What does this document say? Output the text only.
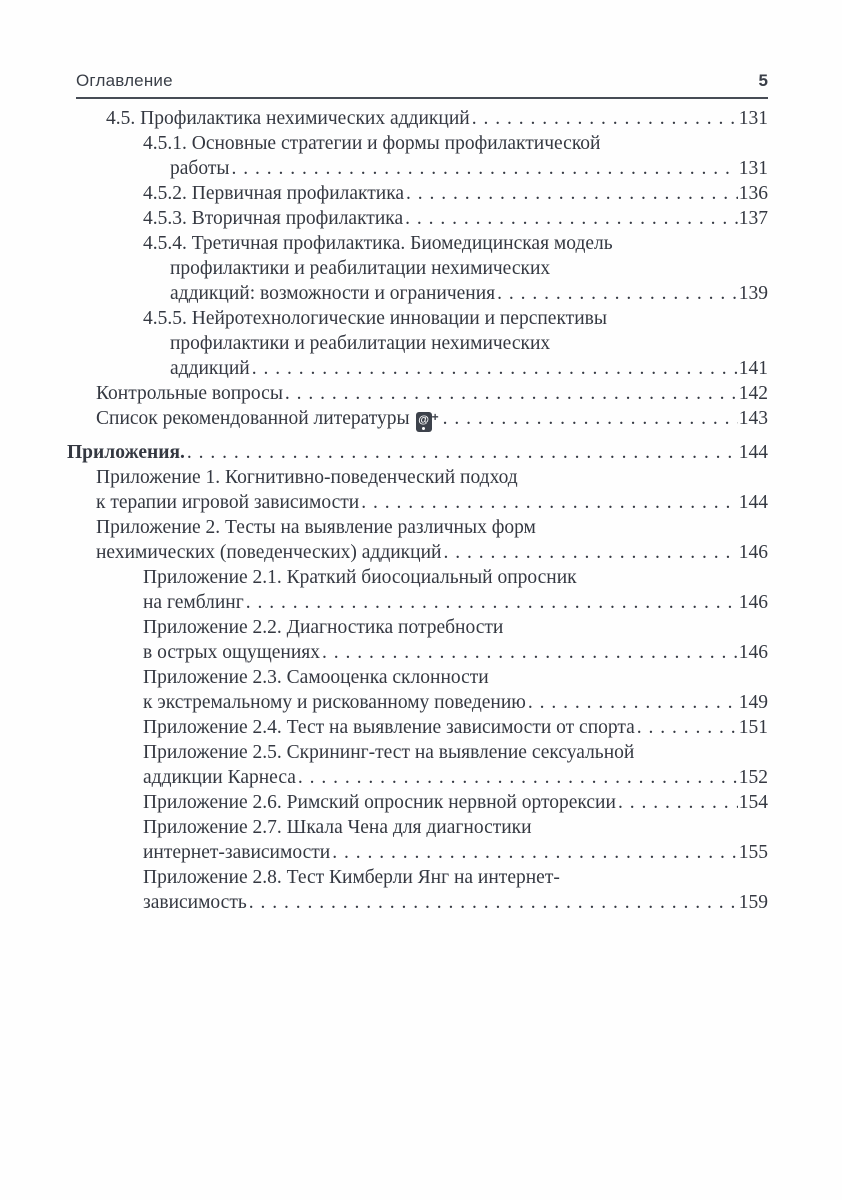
Оглавление	5
4.5. Профилактика нехимических аддикций . . .	131
4.5.1. Основные стратегии и формы профилактической
работы . . .	131
4.5.2. Первичная профилактика . . .	136
4.5.3. Вторичная профилактика . . .	137
4.5.4. Третичная профилактика. Биомедицинская модель
профилактики и реабилитации нехимических
аддикций: возможности и ограничения . . .	139
4.5.5. Нейротехнологические инновации и перспективы
профилактики и реабилитации нехимических
аддикций . . .	141
Контрольные вопросы . . .	142
Список рекомендованной литературы @ + . . .	143
Приложения. . . .	144
Приложение 1. Когнитивно-поведенческий подход
к терапии игровой зависимости . . .	144
Приложение 2. Тесты на выявление различных форм
нехимических (поведенческих) аддикций . . .	146
Приложение 2.1. Краткий биосоциальный опросник
на гемблинг . . .	146
Приложение 2.2. Диагностика потребности
в острых ощущениях . . .	146
Приложение 2.3. Самооценка склонности
к экстремальному и рискованному поведению . . .	149
Приложение 2.4. Тест на выявление зависимости от спорта . . .	151
Приложение 2.5. Скрининг-тест на выявление сексуальной
аддикции Карнеса . . .	152
Приложение 2.6. Римский опросник нервной орторексии . . .	154
Приложение 2.7. Шкала Чена для диагностики
интернет-зависимости . . .	155
Приложение 2.8. Тест Кимберли Янг на интернет-
зависимость . . .	159
